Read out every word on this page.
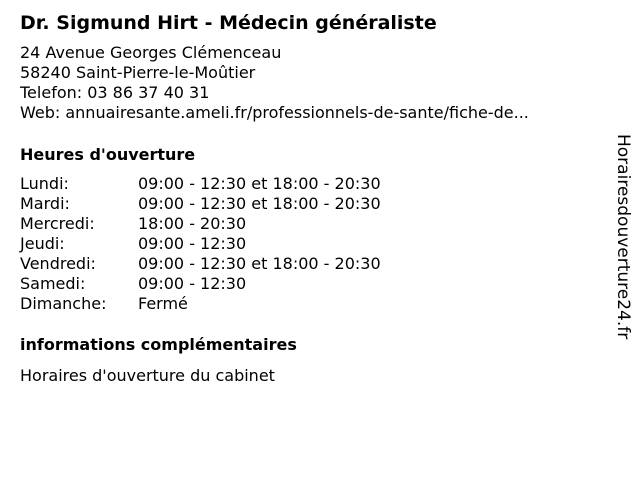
Dr. Sigmund Hirt - Médecin généraliste
24 Avenue Georges Clémenceau
58240 Saint-Pierre-le-Moûtier
Telefon: 03 86 37 40 31
Web: annuairesante.ameli.fr/professionnels-de-sante/fiche-de...
Heures d'ouverture
Lundi:	09:00 - 12:30 et 18:00 - 20:30
Mardi:	09:00 - 12:30 et 18:00 - 20:30
Mercredi:	18:00 - 20:30
Jeudi:	09:00 - 12:30
Vendredi:	09:00 - 12:30 et 18:00 - 20:30
Samedi:	09:00 - 12:30
Dimanche:	Fermé
informations complémentaires
Horaires d'ouverture du cabinet
Horairesdouverture24.fr
